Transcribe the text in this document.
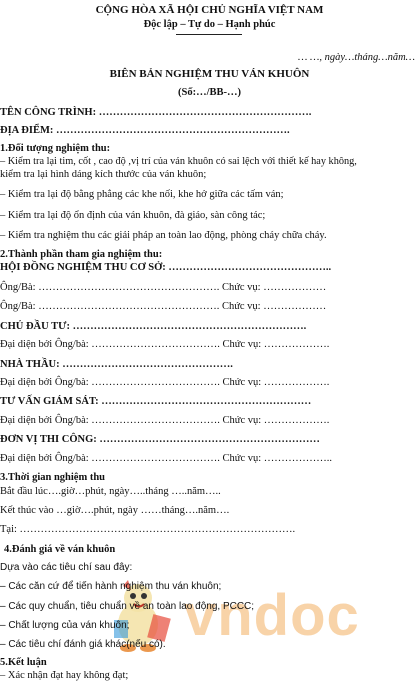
CỘNG HÒA XÃ HỘI CHỦ NGHĨA VIỆT NAM
Độc lập – Tự do – Hạnh phúc
… …, ngày…tháng…năm…
BIÊN BẢN NGHIỆM THU VÁN KHUÔN
(Số:…/BB-…)
TÊN CÔNG TRÌNH: …………………………………………………….
ĐỊA ĐIỂM: ………………………………………………………….
1.Đối tượng nghiệm thu:
– Kiểm tra lại tim, cốt , cao độ ,vị trí của ván khuôn có sai lệch với thiết kế hay không,
kiểm tra lại hình dáng kích thước của ván khuôn;
– Kiểm tra lại độ bằng phẳng các khe nối, khe hở giữa các tấm ván;
– Kiểm tra lại độ ổn định của ván khuôn, đà giáo, sàn công tác;
– Kiểm tra nghiệm thu các giải pháp an toàn lao động, phòng cháy chữa cháy.
2.Thành phần tham gia nghiệm thu:
HỘI ĐỒNG NGHIỆM THU CƠ SỞ: ………………………………………..
Ông/Bà: ……………………………………………. Chức vụ: ………………
Ông/Bà: ……………………………………………. Chức vụ: ………………
CHỦ ĐẦU TƯ: ………………………………………………………….
Đại diện bởi Ông/bà: ………………………………. Chức vụ: ……………….
NHÀ THẦU: ………………………………………….
Đại diện bởi Ông/bà: ………………………………. Chức vụ: ……………….
TƯ VẤN GIÁM SÁT: ……………………………………………………
Đại diện bởi Ông/bà: ………………………………. Chức vụ: ……………….
ĐƠN VỊ THI CÔNG: ………………………………………………………
Đại diện bởi Ông/bà: ………………………………. Chức vụ: ………………..
3.Thời gian nghiệm thu
Bắt đầu lúc….giờ…phút, ngày…..tháng …..năm…..
Kết thúc vào …giờ….phút, ngày ……tháng….năm….
Tại: …………………………………………………………………….
vndoc
4.Đánh giá về ván khuôn
Dựa vào các tiêu chí sau đây:
– Các căn cứ để tiến hành nghiệm thu ván khuôn;
– Các quy chuẩn, tiêu chuẩn về an toàn lao động, PCCC;
– Chất lượng của ván khuôn;
– Các tiêu chí đánh giá khác(nếu có).
5.Kết luận
– Xác nhận đạt hay không đạt;
